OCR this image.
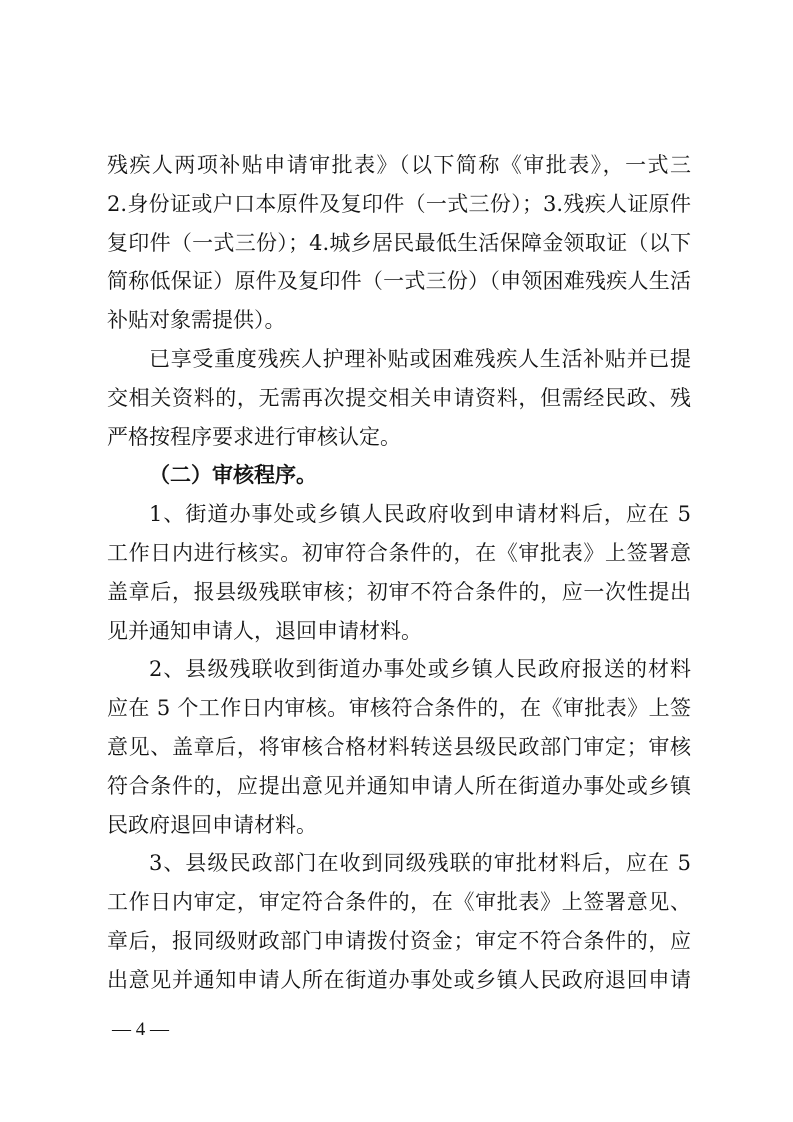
残疾人两项补贴申请审批表》（以下简称《审批表》，一式三
2.身份证或户口本原件及复印件（一式三份）；3.残疾人证原件
复印件（一式三份）；4.城乡居民最低生活保障金领取证（以下
简称低保证）原件及复印件（一式三份）（申领困难残疾人生活
补贴对象需提供）。
已享受重度残疾人护理补贴或困难残疾人生活补贴并已提
交相关资料的，无需再次提交相关申请资料，但需经民政、残
严格按程序要求进行审核认定。
（二）审核程序。
1、街道办事处或乡镇人民政府收到申请材料后，应在 5
工作日内进行核实。初审符合条件的，在《审批表》上签署意
盖章后，报县级残联审核；初审不符合条件的，应一次性提出
见并通知申请人，退回申请材料。
2、县级残联收到街道办事处或乡镇人民政府报送的材料
应在 5 个工作日内审核。审核符合条件的，在《审批表》上签
意见、盖章后，将审核合格材料转送县级民政部门审定；审核
符合条件的，应提出意见并通知申请人所在街道办事处或乡镇
民政府退回申请材料。
3、县级民政部门在收到同级残联的审批材料后，应在 5
工作日内审定，审定符合条件的，在《审批表》上签署意见、
章后，报同级财政部门申请拨付资金；审定不符合条件的，应
出意见并通知申请人所在街道办事处或乡镇人民政府退回申请
— 4 —
